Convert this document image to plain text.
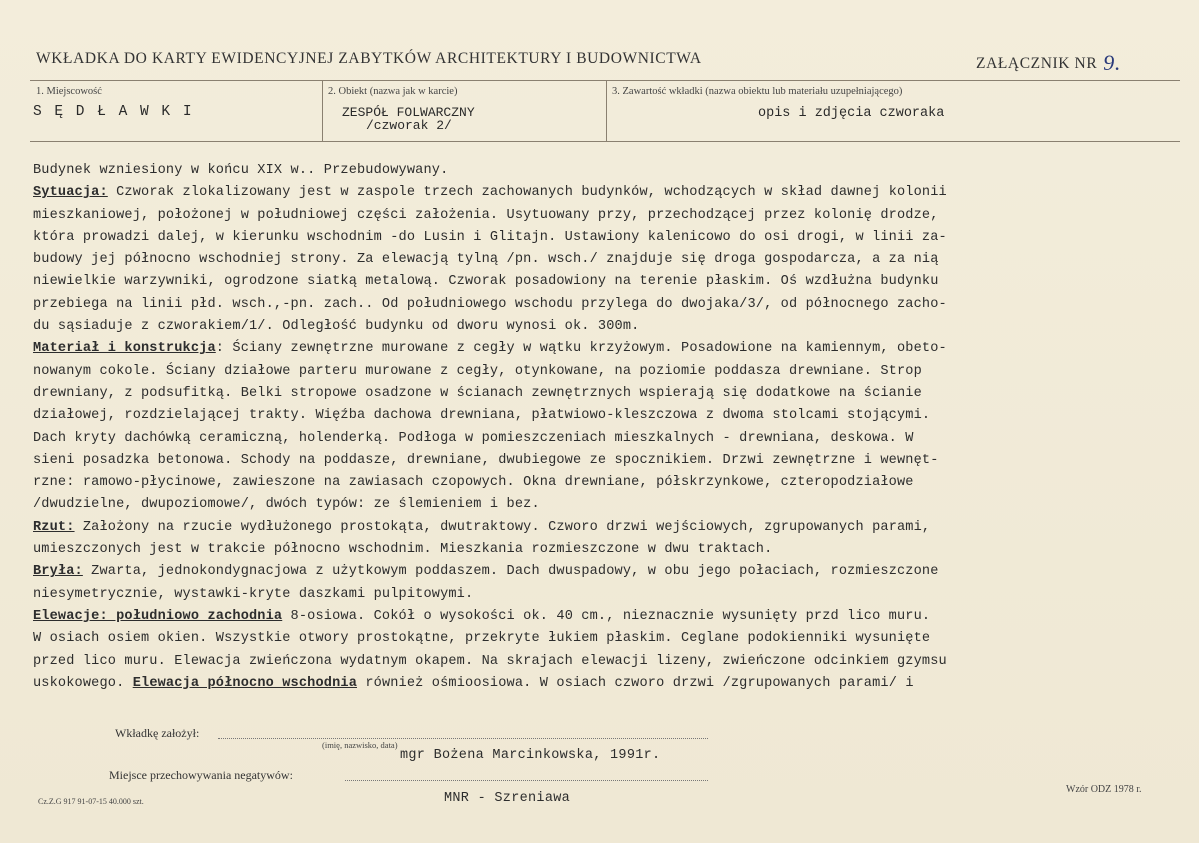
WKŁADKA DO KARTY EWIDENCYJNEJ ZABYTKÓW ARCHITEKTURY I BUDOWNICTWA	ZAŁĄCZNIK NR 9.
1. Miejscowość
S Ę D Ł A W K I
2. Obiekt (nazwa jak w karcie)
ZESPÓŁ FOLWARCZNY
/czworak 2/
3. Zawartość wkładki (nazwa obiektu lub materiału uzupełniającego)
opis i zdjęcia czworaka

Budynek wzniesiony w końcu XIX w.. Przebudowywany.

Sytuacja: Czworak zlokalizowany jest w zaspole trzech zachowanych budynków, wchodzących w skład dawnej kolonii

mieszkaniowej, położonej w południowej części założenia. Usytuowany przy, przechodzącej przez kolonię drodze,

która prowadzi dalej, w kierunku wschodnim -do Lusin i Glitajn. Ustawiony kalenicowo do osi drogi, w linii za-

budowy jej północno wschodniej strony. Za elewacją tylną /pn. wsch./ znajduje się droga gospodarcza, a za nią

niewielkie warzywniki, ogrodzone siatką metalową. Czworak posadowiony na terenie płaskim. Oś wzdłużna budynku

przebiega na linii płd. wsch.,-pn. zach.. Od południowego wschodu przylega do dwojaka/3/, od północnego zacho-

du sąsiaduje z czworakiem/1/. Odległość budynku od dworu wynosi ok. 300m.

Materiał i konstrukcja: Ściany zewnętrzne murowane z cegły w wątku krzyżowym. Posadowione na kamiennym, obeto-

nowanym cokole. Ściany działowe parteru murowane z cegły, otynkowane, na poziomie poddasza drewniane. Strop

drewniany, z podsufitką. Belki stropowe osadzone w ścianach zewnętrznych wspierają się dodatkowe na ścianie

działowej, rozdzielającej trakty. Więźba dachowa drewniana, płatwiowo-kleszczowa z dwoma stolcami stojącymi.

Dach kryty dachówką ceramiczną, holenderką. Podłoga w pomieszczeniach mieszkalnych - drewniana, deskowa. W

sieni posadzka betonowa. Schody na poddasze, drewniane, dwubiegowe ze spocznikiem. Drzwi zewnętrzne i wewnęt-

rzne: ramowo-płycinowe, zawieszone na zawiasach czopowych. Okna drewniane, półskrzynkowe, czteropodziałowe

/dwudzielne, dwupoziomowe/, dwóch typów: ze ślemieniem i bez.

Rzut: Założony na rzucie wydłużonego prostokąta, dwutraktowy. Czworo drzwi wejściowych, zgrupowanych parami,

umieszczonych jest w trakcie północno wschodnim. Mieszkania rozmieszczone w dwu traktach.

Bryła: Zwarta, jednokondygnacjowa z użytkowym poddaszem. Dach dwuspadowy, w obu jego połaciach, rozmieszczone

niesymetrycznie, wystawki-kryte daszkami pulpitowymi.

Elewacje: południowo zachodnia 8-osiowa. Cokół o wysokości ok. 40 cm., nieznacznie wysunięty przd lico muru.

W osiach osiem okien. Wszystkie otwory prostokątne, przekryte łukiem płaskim. Ceglane podokienniki wysunięte

przed lico muru. Elewacja zwieńczona wydatnym okapem. Na skrajach elewacji lizeny, zwieńczone odcinkiem gzymsu

uskokowego. Elewacja północno wschodnia również ośmioosiowa. W osiach czworo drzwi /zgrupowanych parami/ i

Wkładkę założył:
(imię, nazwisko, data)
mgr Bożena Marcinkowska, 1991r.
Miejsce przechowywania negatywów:
MNR - Szreniawa
Cz.Z.G 917 91-07-15 40.000 szt.
Wzór ODZ 1978 r.
